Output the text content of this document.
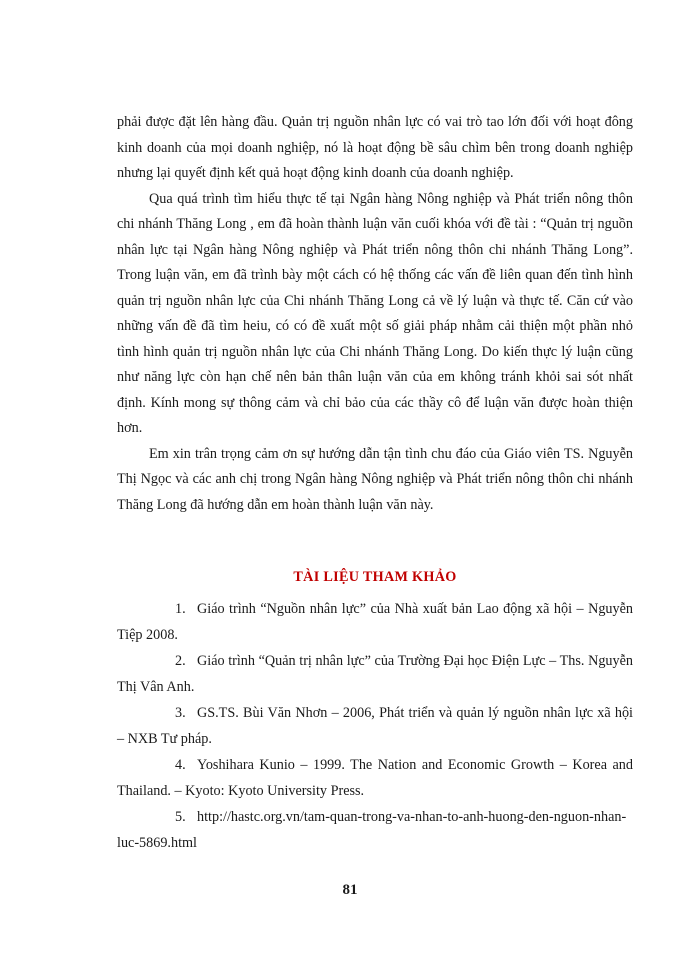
phải được đặt lên hàng đầu. Quản trị nguồn nhân lực có vai trò tao lớn đối với hoạt đông kinh doanh của mọi doanh nghiệp, nó là hoạt động bề sâu chìm bên trong doanh nghiệp nhưng lại quyết định kết quả hoạt động kinh doanh của doanh nghiệp.

Qua quá trình tìm hiểu thực tế tại Ngân hàng Nông nghiệp và Phát triển nông thôn chi nhánh Thăng Long , em đã hoàn thành luận văn cuối khóa với đề tài : “Quản trị nguồn nhân lực tại Ngân hàng Nông nghiệp và Phát triển nông thôn chi nhánh Thăng Long”. Trong luận văn, em đã trình bày một cách có hệ thống các vấn đề liên quan đến tình hình quản trị nguồn nhân lực của Chi nhánh Thăng Long cả về lý luận và thực tế. Căn cứ vào những vấn đề đã tìm heiu, có có đề xuất một số giải pháp nhằm cải thiện một phần nhỏ tình hình quản trị nguồn nhân lực của Chi nhánh Thăng Long. Do kiến thực lý luận cũng như năng lực còn hạn chế nên bản thân luận văn của em không tránh khỏi sai sót nhất định. Kính mong sự thông cảm và chỉ bảo của các thầy cô để luận văn được hoàn thiện hơn.

Em xin trân trọng cảm ơn sự hướng dẫn tận tình chu đáo của Giáo viên TS. Nguyễn Thị Ngọc và các anh chị trong Ngân hàng Nông nghiệp và Phát triển nông thôn chi nhánh Thăng Long đã hướng dẫn em hoàn thành luận văn này.

TÀI LIỆU THAM KHẢO
1. Giáo trình “Nguồn nhân lực” của Nhà xuất bản Lao động xã hội – Nguyễn Tiệp 2008.
2. Giáo trình “Quản trị nhân lực” của Trường Đại học Điện Lực – Ths. Nguyễn Thị Vân Anh.
3. GS.TS. Bùi Văn Nhơn – 2006, Phát triển và quản lý nguồn nhân lực xã hội – NXB Tư pháp.
4. Yoshihara Kunio – 1999. The Nation and Economic Growth – Korea and Thailand. – Kyoto: Kyoto University Press.
5. http://hastc.org.vn/tam-quan-trong-va-nhan-to-anh-huong-den-nguon-nhan-luc-5869.html
81
